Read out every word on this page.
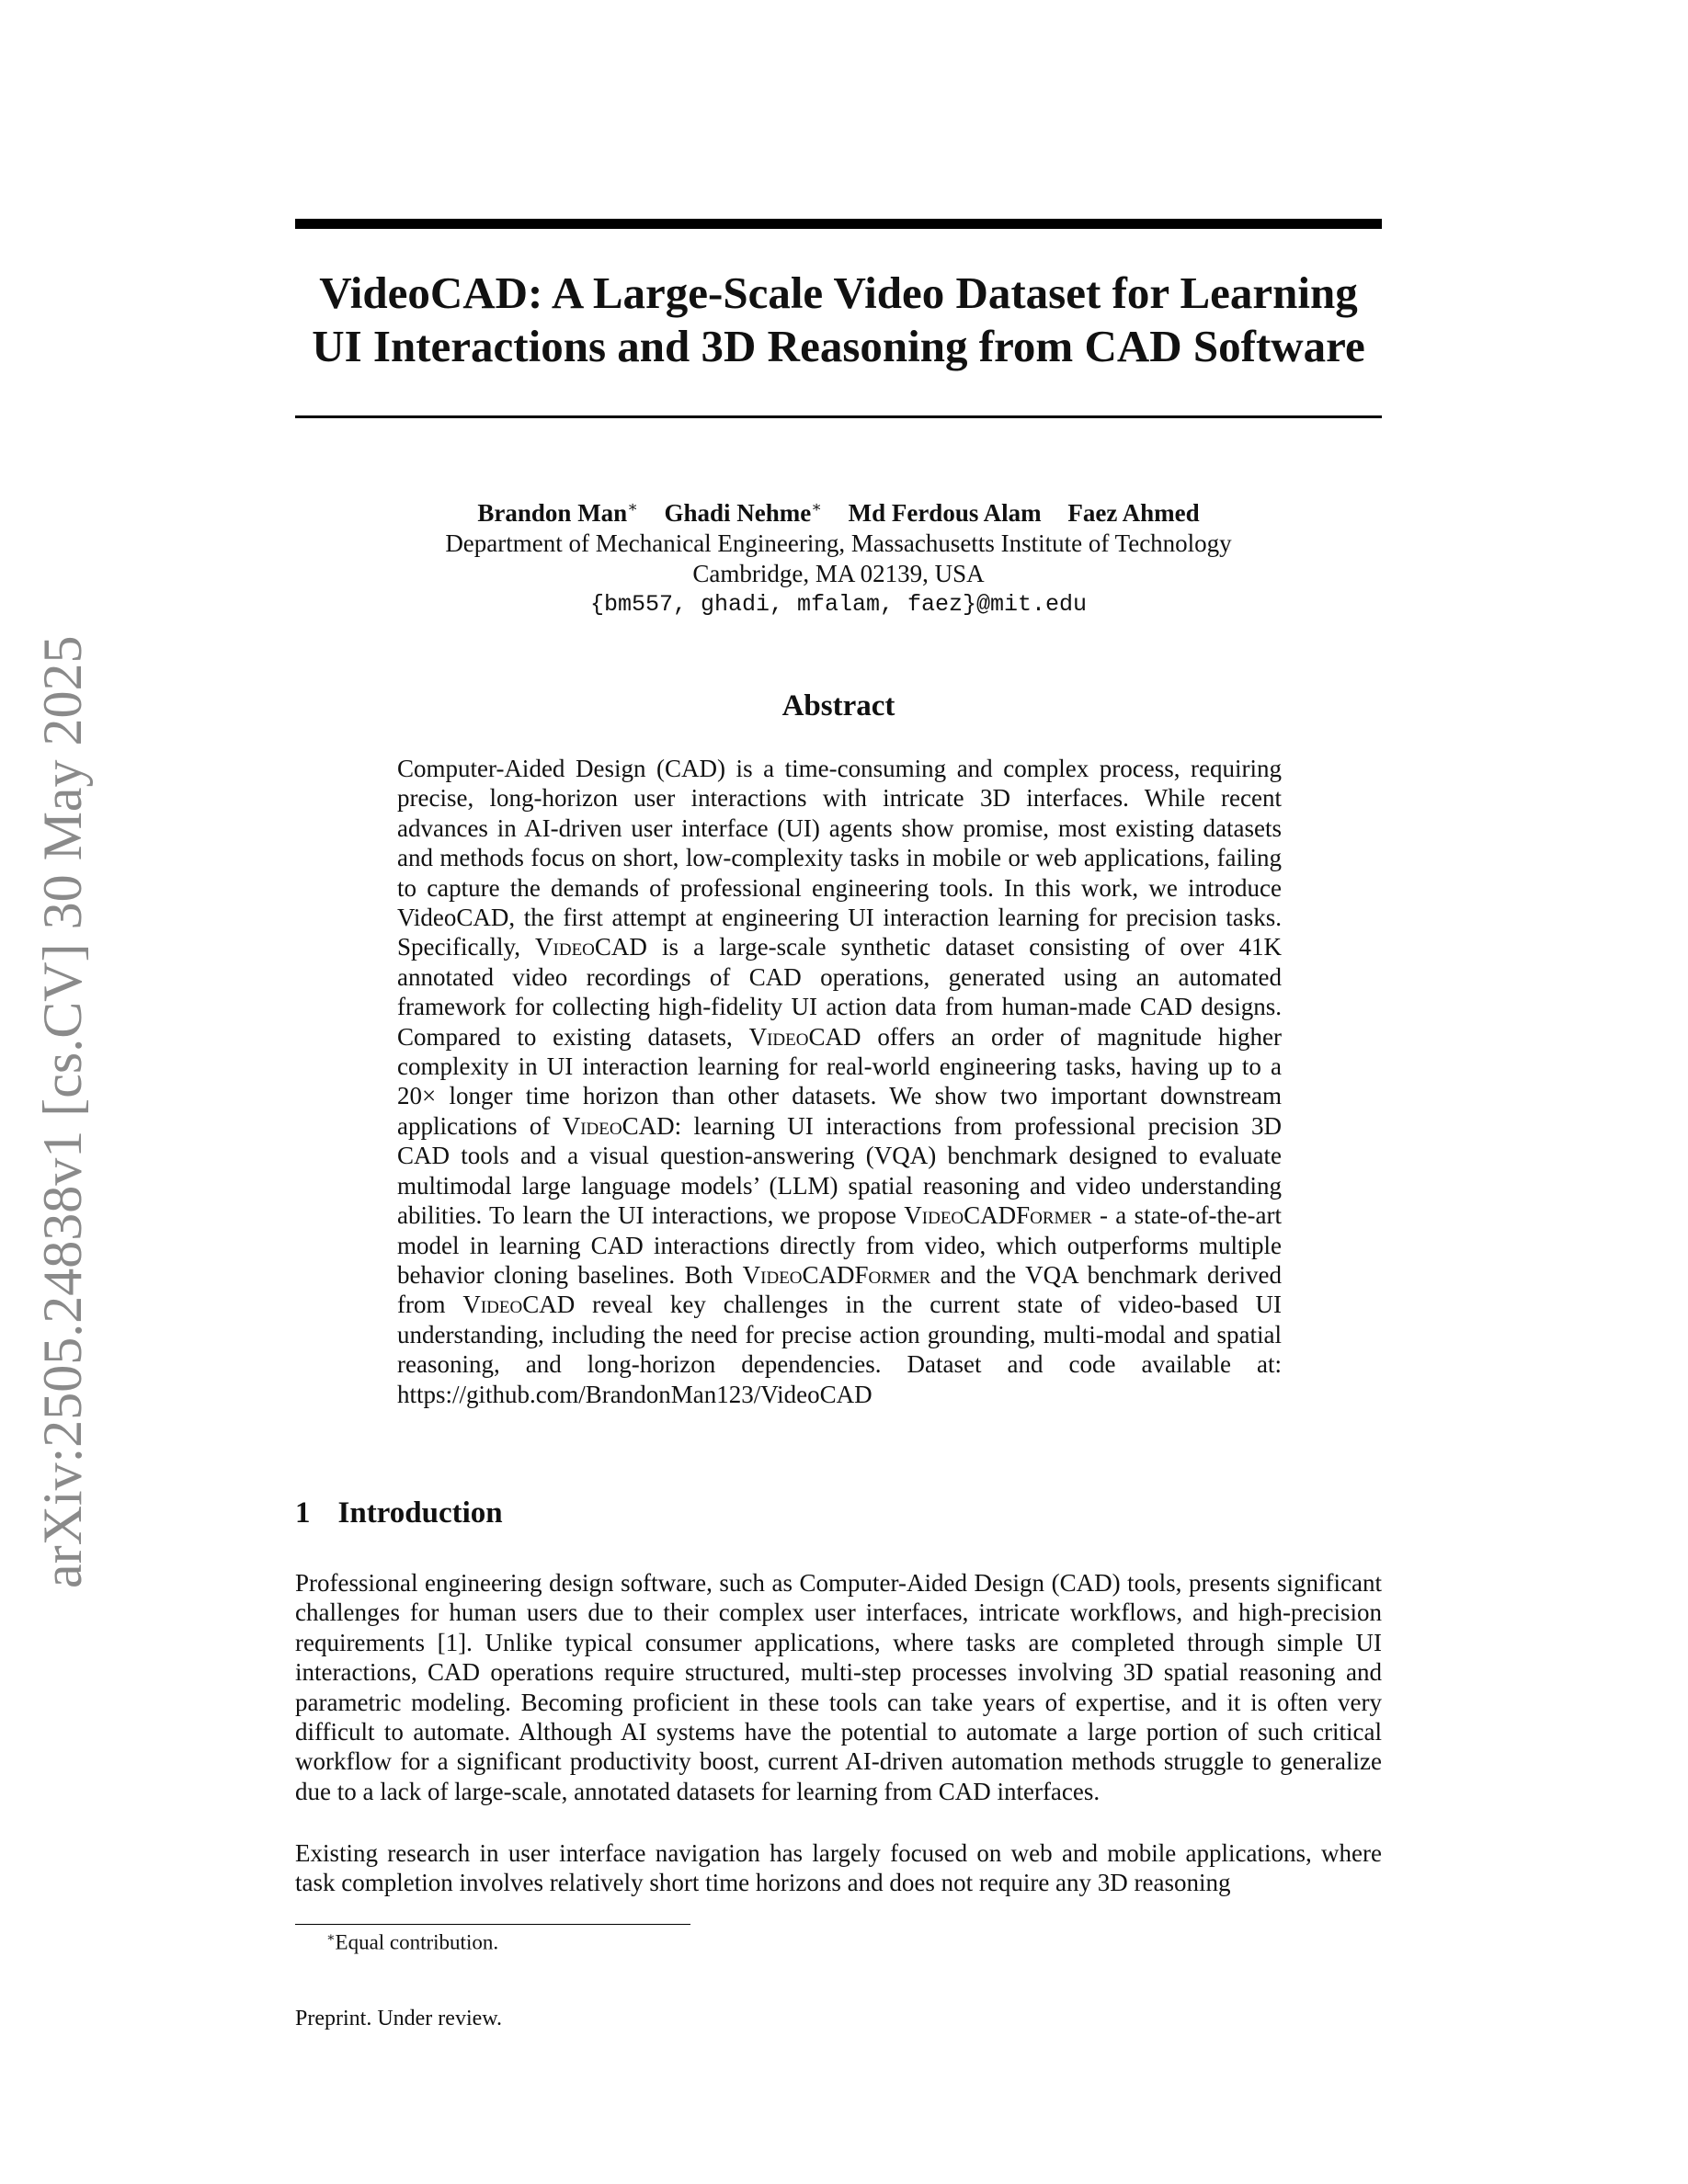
arXiv:2505.24838v1 [cs.CV] 30 May 2025
VideoCAD: A Large-Scale Video Dataset for Learning
UI Interactions and 3D Reasoning from CAD Software
Brandon Man∗ Ghadi Nehme∗ Md Ferdous Alam Faez Ahmed
Department of Mechanical Engineering, Massachusetts Institute of Technology
Cambridge, MA 02139, USA
{bm557, ghadi, mfalam, faez}@mit.edu
Abstract
Computer-Aided Design (CAD) is a time-consuming and complex process, requiring precise, long-horizon user interactions with intricate 3D interfaces. While recent advances in AI-driven user interface (UI) agents show promise, most existing datasets and methods focus on short, low-complexity tasks in mobile or web applications, failing to capture the demands of professional engineering tools. In this work, we introduce VideoCAD, the first attempt at engineering UI interaction learning for precision tasks. Specifically, VideoCAD is a large-scale synthetic dataset consisting of over 41K annotated video recordings of CAD operations, generated using an automated framework for collecting high-fidelity UI action data from human-made CAD designs. Compared to existing datasets, VideoCAD offers an order of magnitude higher complexity in UI interaction learning for real-world engineering tasks, having up to a 20× longer time horizon than other datasets. We show two important downstream applications of VideoCAD: learning UI interactions from professional precision 3D CAD tools and a visual question-answering (VQA) benchmark designed to evaluate multimodal large language models’ (LLM) spatial reasoning and video understanding abilities. To learn the UI interactions, we propose VideoCADFormer - a state-of-the-art model in learning CAD interactions directly from video, which outperforms multiple behavior cloning baselines. Both VideoCADFormer and the VQA benchmark derived from VideoCAD reveal key challenges in the current state of video-based UI understanding, including the need for precise action grounding, multi-modal and spatial reasoning, and long-horizon dependencies. Dataset and code available at: https://github.com/BrandonMan123/VideoCAD
1 Introduction
Professional engineering design software, such as Computer-Aided Design (CAD) tools, presents significant challenges for human users due to their complex user interfaces, intricate workflows, and high-precision requirements [1]. Unlike typical consumer applications, where tasks are completed through simple UI interactions, CAD operations require structured, multi-step processes involving 3D spatial reasoning and parametric modeling. Becoming proficient in these tools can take years of expertise, and it is often very difficult to automate. Although AI systems have the potential to automate a large portion of such critical workflow for a significant productivity boost, current AI-driven automation methods struggle to generalize due to a lack of large-scale, annotated datasets for learning from CAD interfaces.
Existing research in user interface navigation has largely focused on web and mobile applications, where task completion involves relatively short time horizons and does not require any 3D reasoning
∗Equal contribution.
Preprint. Under review.
